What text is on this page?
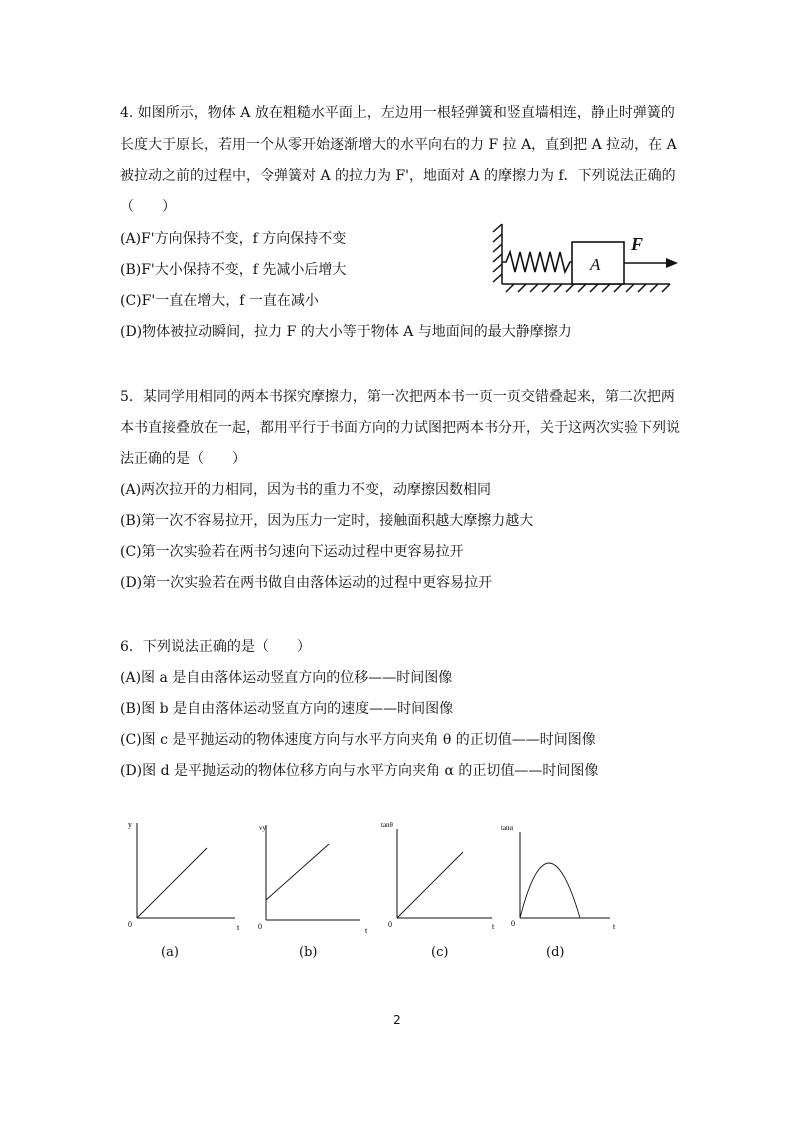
4. 如图所示，物体 A 放在粗糙水平面上，左边用一根轻弹簧和竖直墙相连，静止时弹簧的
长度大于原长，若用一个从零开始逐渐增大的水平向右的力 F 拉 A，直到把 A 拉动，在 A
被拉动之前的过程中，令弹簧对 A 的拉力为 F'，地面对 A 的摩擦力为 f．下列说法正确的
（　　）
(A)F'方向保持不变，f 方向保持不变
(B)F'大小保持不变，f 先减小后增大
(C)F'一直在增大，f 一直在减小
(D)物体被拉动瞬间，拉力 F 的大小等于物体 A 与地面间的最大静摩擦力
A
F
5．某同学用相同的两本书探究摩擦力，第一次把两本书一页一页交错叠起来，第二次把两
本书直接叠放在一起，都用平行于书面方向的力试图把两本书分开，关于这两次实验下列说
法正确的是（　　）
(A)两次拉开的力相同，因为书的重力不变，动摩擦因数相同
(B)第一次不容易拉开，因为压力一定时，接触面积越大摩擦力越大
(C)第一次实验若在两书匀速向下运动过程中更容易拉开
(D)第一次实验若在两书做自由落体运动的过程中更容易拉开
6．下列说法正确的是（　　）
(A)图 a 是自由落体运动竖直方向的位移——时间图像
(B)图 b 是自由落体运动竖直方向的速度——时间图像
(C)图 c 是平抛运动的物体速度方向与水平方向夹角 θ 的正切值——时间图像
(D)图 d 是平抛运动的物体位移方向与水平方向夹角 α 的正切值——时间图像
y
t
0
vy
t
0
tanθ
t
0
tanα
t
0
(a)	(b)	(c)	(d)
2
